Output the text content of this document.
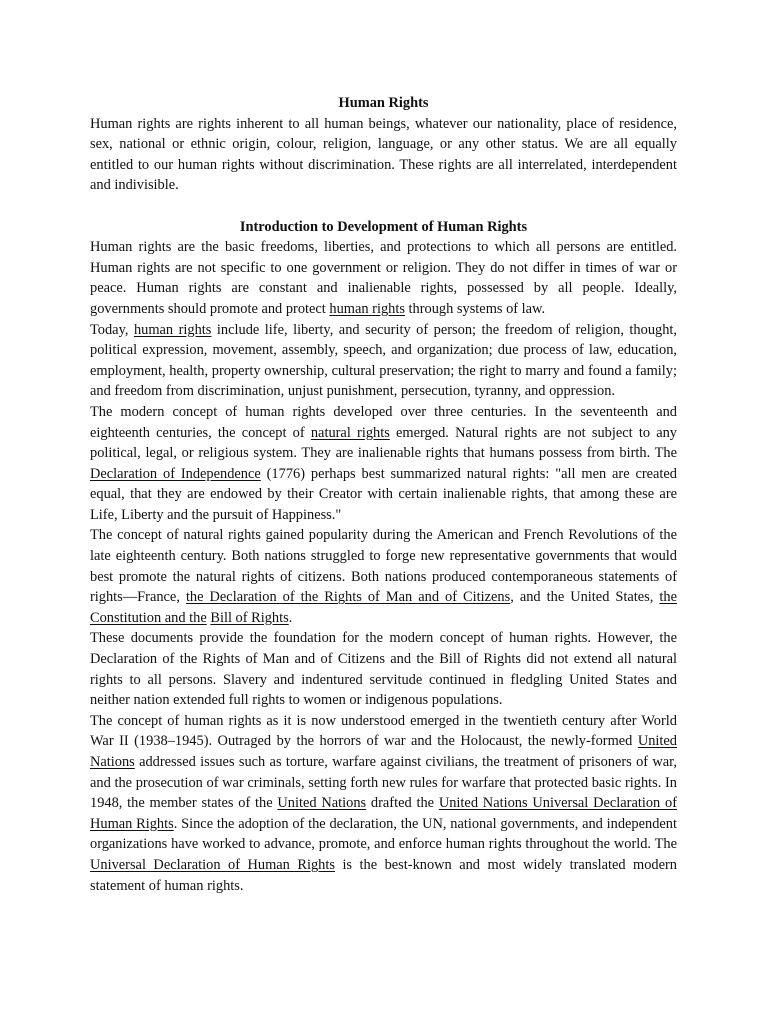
Human Rights

Human rights are rights inherent to all human beings, whatever our nationality, place of residence, sex, national or ethnic origin, colour, religion, language, or any other status. We are all equally entitled to our human rights without discrimination. These rights are all interrelated, interdependent and indivisible.

Introduction to Development of Human Rights

Human rights are the basic freedoms, liberties, and protections to which all persons are entitled. Human rights are not specific to one government or religion. They do not differ in times of war or peace. Human rights are constant and inalienable rights, possessed by all people. Ideally, governments should promote and protect human rights through systems of law.

Today, human rights include life, liberty, and security of person; the freedom of religion, thought, political expression, movement, assembly, speech, and organization; due process of law, education, employment, health, property ownership, cultural preservation; the right to marry and found a family; and freedom from discrimination, unjust punishment, persecution, tyranny, and oppression.

The modern concept of human rights developed over three centuries. In the seventeenth and eighteenth centuries, the concept of natural rights emerged. Natural rights are not subject to any political, legal, or religious system. They are inalienable rights that humans possess from birth. The Declaration of Independence (1776) perhaps best summarized natural rights: "all men are created equal, that they are endowed by their Creator with certain inalienable rights, that among these are Life, Liberty and the pursuit of Happiness."

The concept of natural rights gained popularity during the American and French Revolutions of the late eighteenth century. Both nations struggled to forge new representative governments that would best promote the natural rights of citizens. Both nations produced contemporaneous statements of rights—France, the Declaration of the Rights of Man and of Citizens, and the United States, the Constitution and the Bill of Rights.

These documents provide the foundation for the modern concept of human rights. However, the Declaration of the Rights of Man and of Citizens and the Bill of Rights did not extend all natural rights to all persons. Slavery and indentured servitude continued in fledgling United States and neither nation extended full rights to women or indigenous populations.

The concept of human rights as it is now understood emerged in the twentieth century after World War II (1938–1945). Outraged by the horrors of war and the Holocaust, the newly-formed United Nations addressed issues such as torture, warfare against civilians, the treatment of prisoners of war, and the prosecution of war criminals, setting forth new rules for warfare that protected basic rights. In 1948, the member states of the United Nations drafted the United Nations Universal Declaration of Human Rights. Since the adoption of the declaration, the UN, national governments, and independent organizations have worked to advance, promote, and enforce human rights throughout the world. The Universal Declaration of Human Rights is the best-known and most widely translated modern statement of human rights.
